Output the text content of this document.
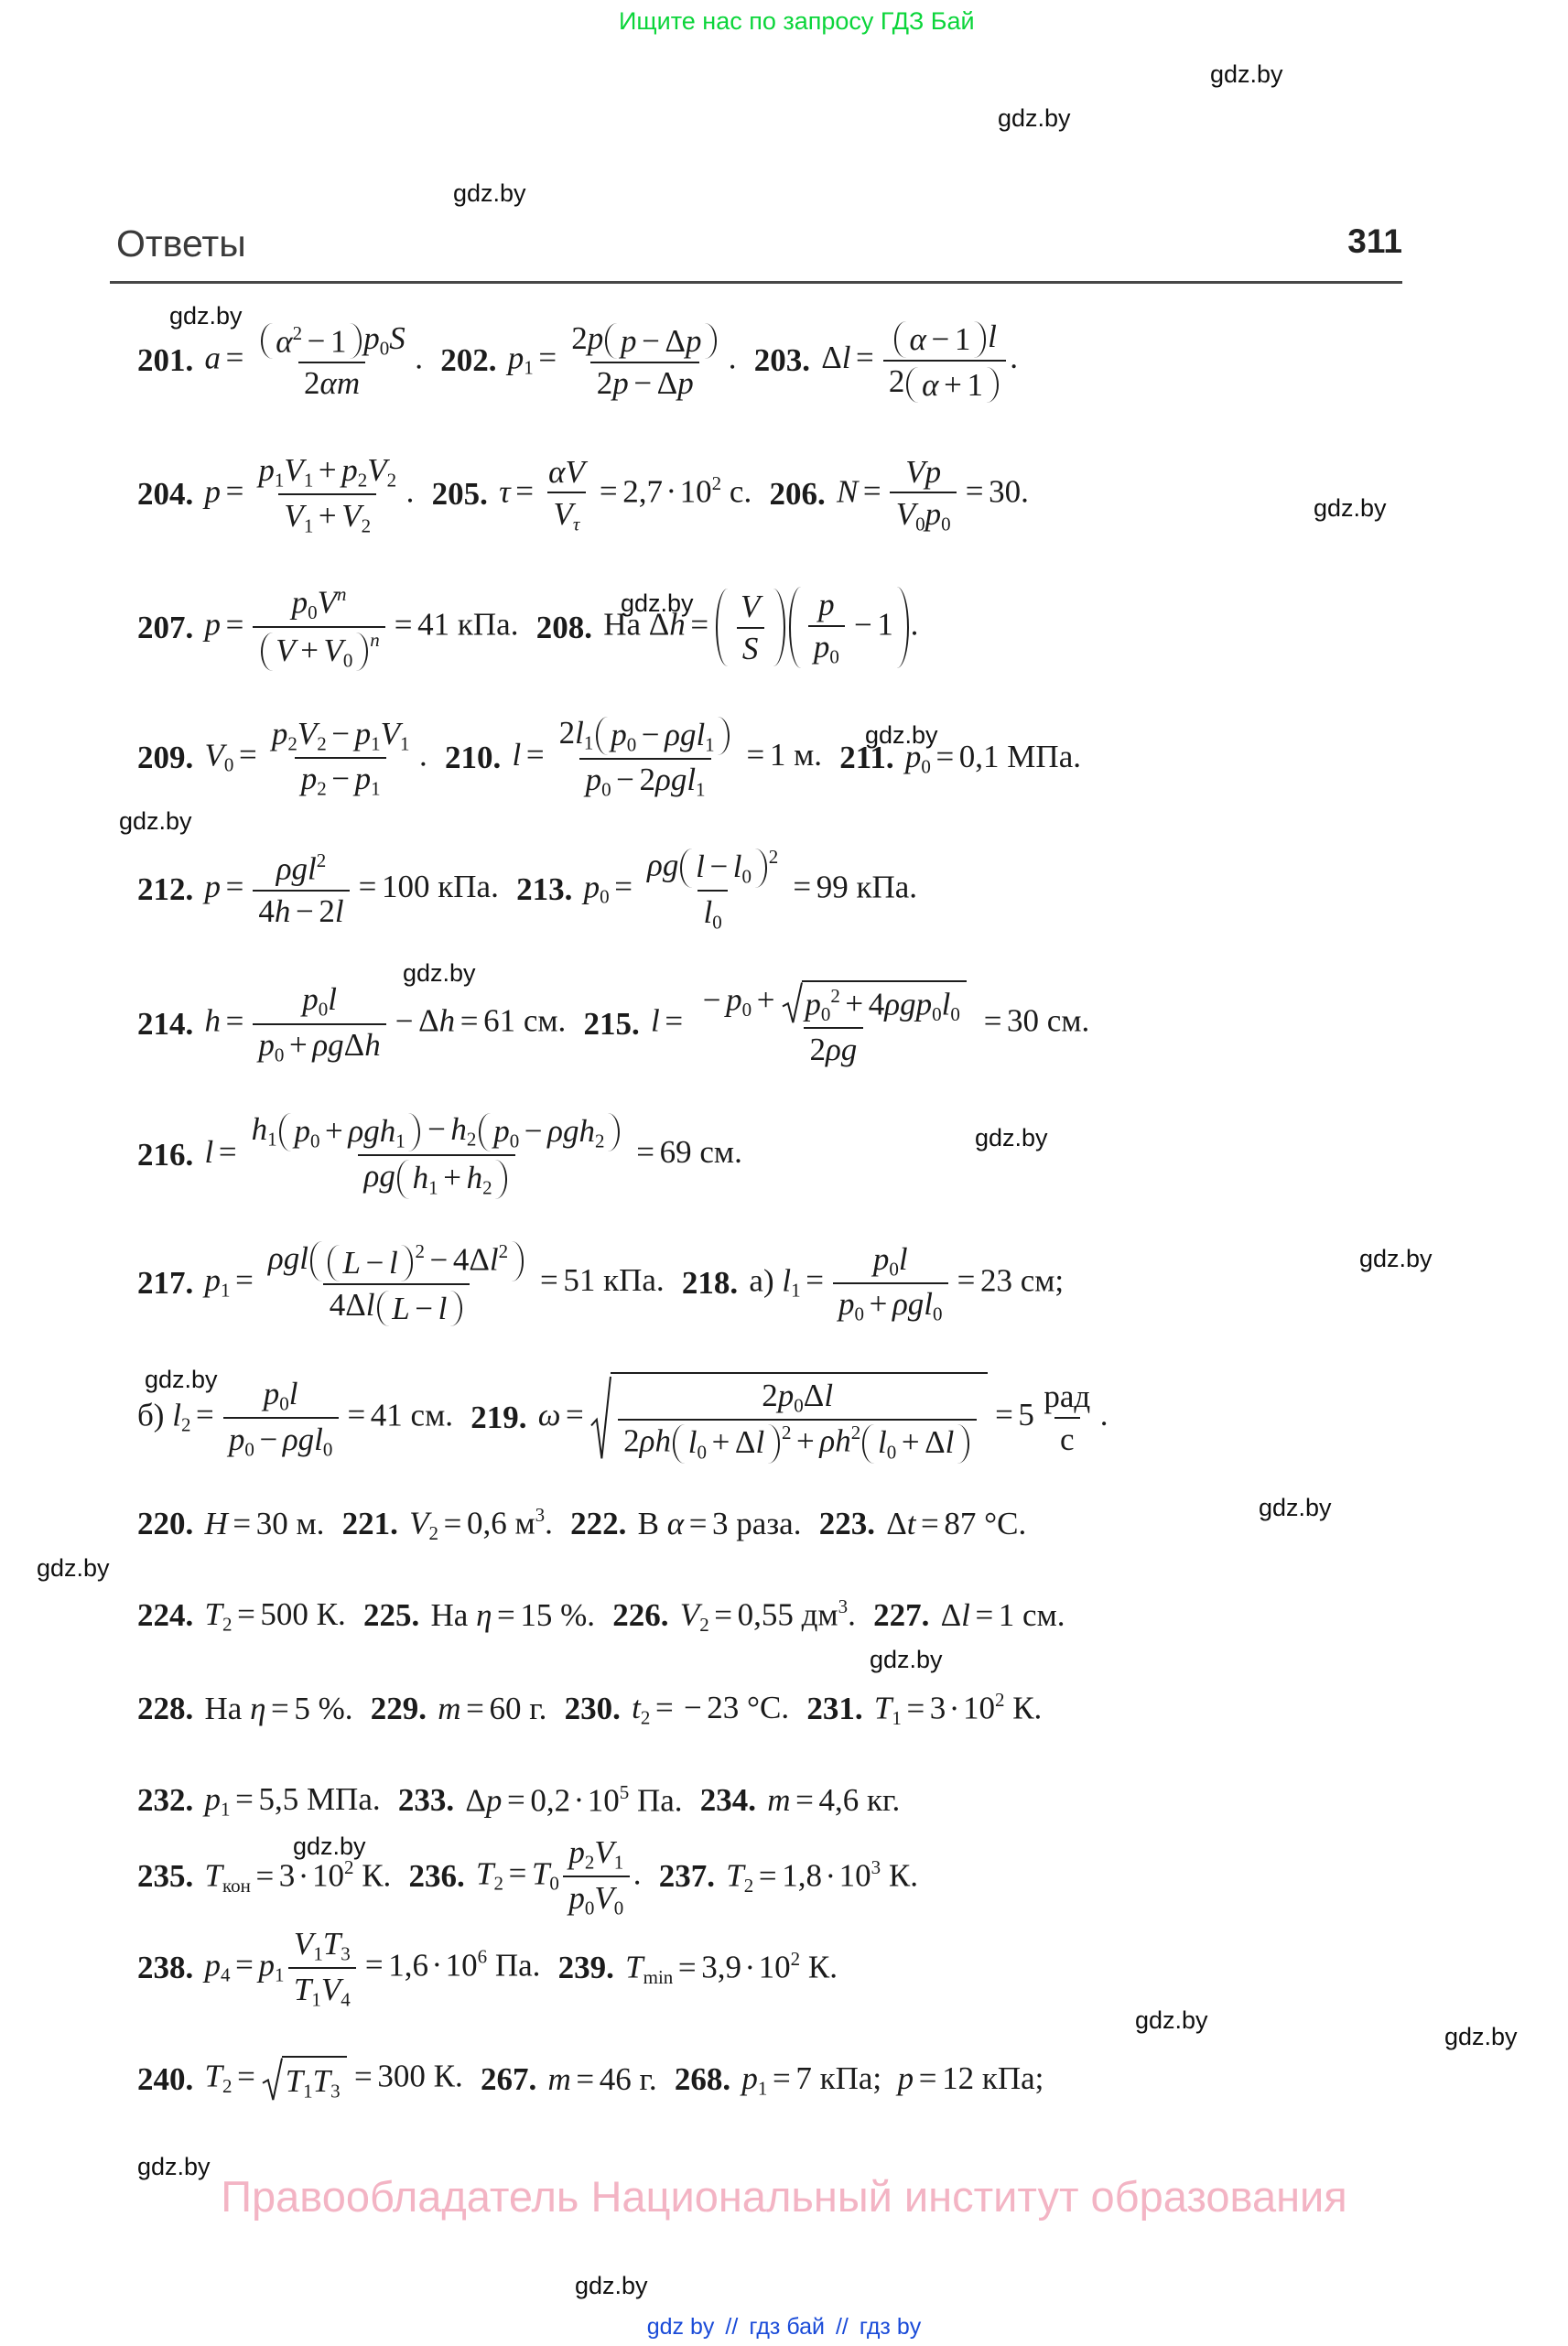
Ищите нас по запросу ГДЗ Бай
Ответы	311
201. $a = \frac{\alpha^2 - 1 p0S}{2\alpha m}$ . 202. $p1 = \frac{\text{2p p − Δp}}{2p - \Delta p}$ . 203. $\Delta l = \frac{\alpha - 1 l}{2 \alpha + 1}$ .
204. $p = \frac{p1V1 + p2V2}{V1 + V2}$ . 205. $\tau = \frac{\alpha V}{V\tau} = 2,7 \cdot 10^2$ с. 206. $N = \frac{Vp}{V0p0} = 30$.
207. $p = p0V^n$
V + V0
$^n$ = 41 кПа. 208. На $\Delta h = \frac{V}{S} \frac{p}{p0} - 1$ .
209. $V0 = \frac{p2V2 - p1V1}{p2 - p1}$ . 210. $l = \frac{\text{2l1 p0 − ρgl1}}{\text{p0 − 2ρgl1}} = 1$ м. 211. p0 = 0,1 МПа.
212. $p = \frac{\rho gl^2}{4h - 2l} = 100$ кПа. 213. p0 = ρg l − l0
$^2$
l0 = 99 кПа.
214. $h = \frac{p0l}{\text{p0 + ρgΔh}} - \Delta h = 61$ см. 215. $l = \frac{- p0 + p0^2 + 4\rho gp0l0}{2\rho g} = 30$ см.
216. $l = \frac{\text{h1 p0 + ρgh1 − h2 p0 − ρgh2}}{\text{ρg h1 + h2}} = 69$ см.
217. $p1 = \frac{\rho gl L - l ^2 - 4\Delta l^2}{\text{4Δl L − l}} = 51$ кПа. 218. а) $l1 = \frac{p0l}{\text{p0 + ρgl0}} = 23$ см;
б) $l2 = \frac{p0l}{\text{p0 − ρgl0}} = 41$ см. 219. $\omega = \frac{2p0\Delta l}{2\rho h l0 + \Delta l ^2 + \rho h^2 l0 + \Delta l} = 5 \frac{\text{рад}}{с}$ .
220. H = 30 м. 221. V2 = 0,6 $м^3$. 222. В α = 3 раза. 223. Δt = 87 °С.
224. T2 = 500 К. 225. На η = 15 %. 226. V2 = 0,55 $дм^3$. 227. Δl = 1 см.
228. На η = 5 %. 229. m = 60 г. 230. t2 = − 23 °С. 231. $T1 = 3 \cdot 10^2$ К.
232. p1 = 5,5 МПа. 233. $\Delta p = 0,2 \cdot 10^5$ Па. 234. m = 4,6 кг.
235. Tкон = $3 \cdot 10^2$ К. 236. $T2 = T0 \frac{p2V1}{p0V0}$ . 237. $T2 = 1,8 \cdot 10^3$ К.
238. $p4 = p1 \frac{V1T3}{T1V4} = 1,6 \cdot 10^6$ Па. 239. $Tmin = 3,9 \cdot 10^2$ К.
240. T2 = T1T3 = 300 К. 267. m = 46 г. 268. p1 = 7 кПа;  p = 12 кПа;
gdz.by
gdz.by
gdz.by
gdz.by
gdz.by
gdz.by
gdz.by
gdz.by
gdz.by
gdz.by
gdz.by
gdz.by
gdz.by
gdz.by
gdz.by
gdz.by
gdz.by
gdz.by
gdz.by
gdz.by
Правообладатель Национальный институт образования
gdz by // гдз бай // гдз by
